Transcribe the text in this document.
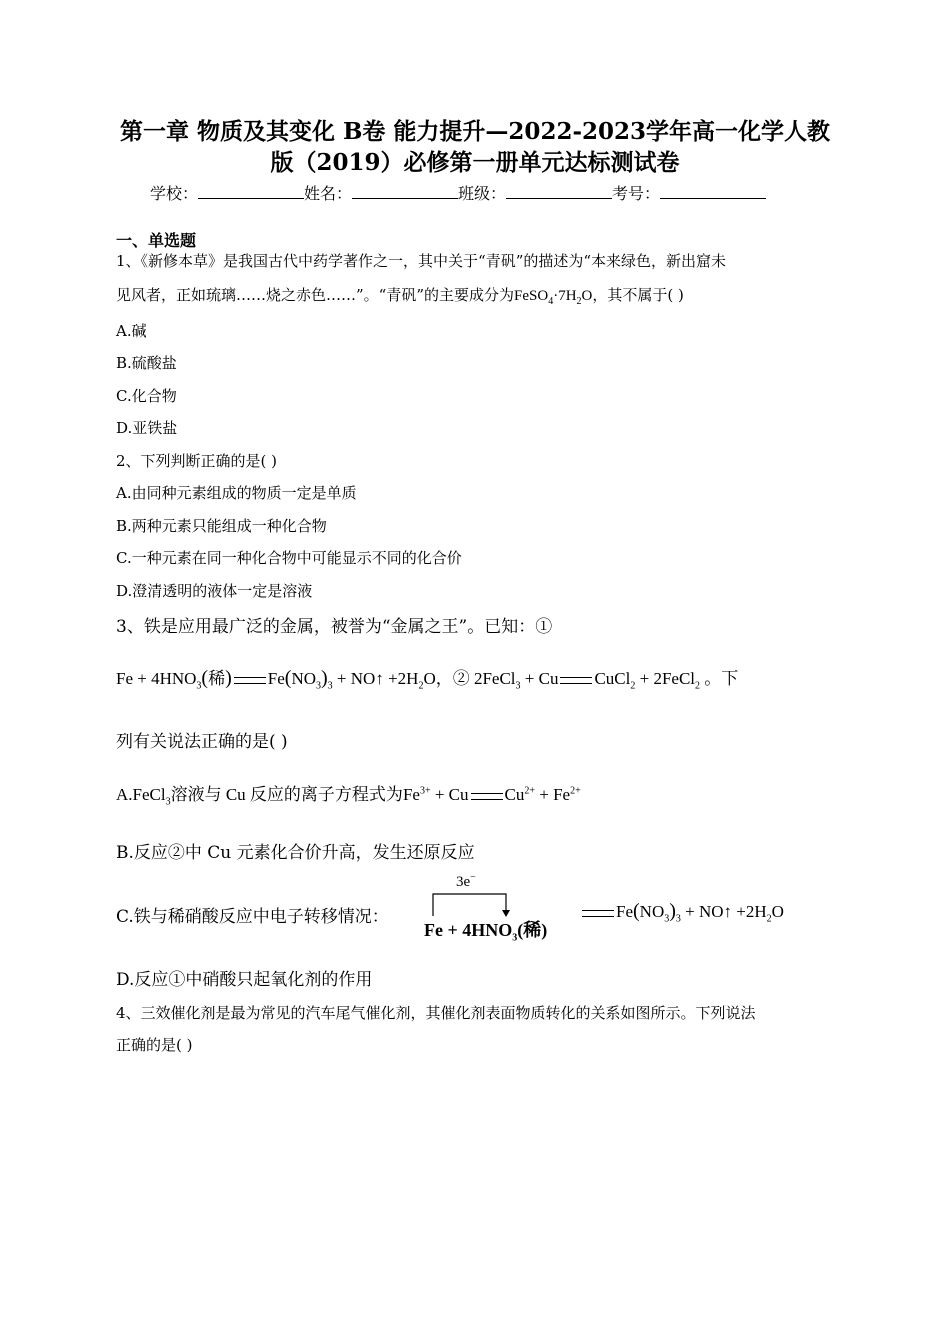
第一章 物质及其变化 B卷 能力提升—2022-2023学年高一化学人教
版（2019）必修第一册单元达标测试卷
学校：	姓名：	班级：	考号：
一、单选题
1、《新修本草》是我国古代中药学著作之一，其中关于“青矾”的描述为“本来绿色，新出窟未
见风者，正如琉璃……烧之赤色……”。“青矾”的主要成分为$FeSO_4\cdot 7H_2O$，其不属于( )
A.碱
B.硫酸盐
C.化合物
D.亚铁盐
2、下列判断正确的是( )
A.由同种元素组成的物质一定是单质
B.两种元素只能组成一种化合物
C.一种元素在同一种化合物中可能显示不同的化合价
D.澄清透明的液体一定是溶液
3、铁是应用最广泛的金属，被誉为“金属之王”。已知：①
$Fe + 4HNO_3$(稀) $Fe(NO_3)_3$ + NO↑ $+2H_2O$，② 2FeCl$_3$ + Cu CuCl$_2$ + 2FeCl$_2$ 。下
列有关说法正确的是( )
A.FeCl$_3$溶液与 Cu 反应的离子方程式为$Fe^{3+} + Cu$ $Cu^{2+} + Fe^{2+}$
B.反应②中 Cu 元素化合价升高，发生还原反应
C.铁与稀硝酸反应中电子转移情况：
3e−
$Fe + 4HNO_3$(稀)
$Fe(NO_3)_3$ + NO↑ $+2H_2O$
D.反应①中硝酸只起氧化剂的作用
4、三效催化剂是最为常见的汽车尾气催化剂，其催化剂表面物质转化的关系如图所示。下列说法
正确的是( )
